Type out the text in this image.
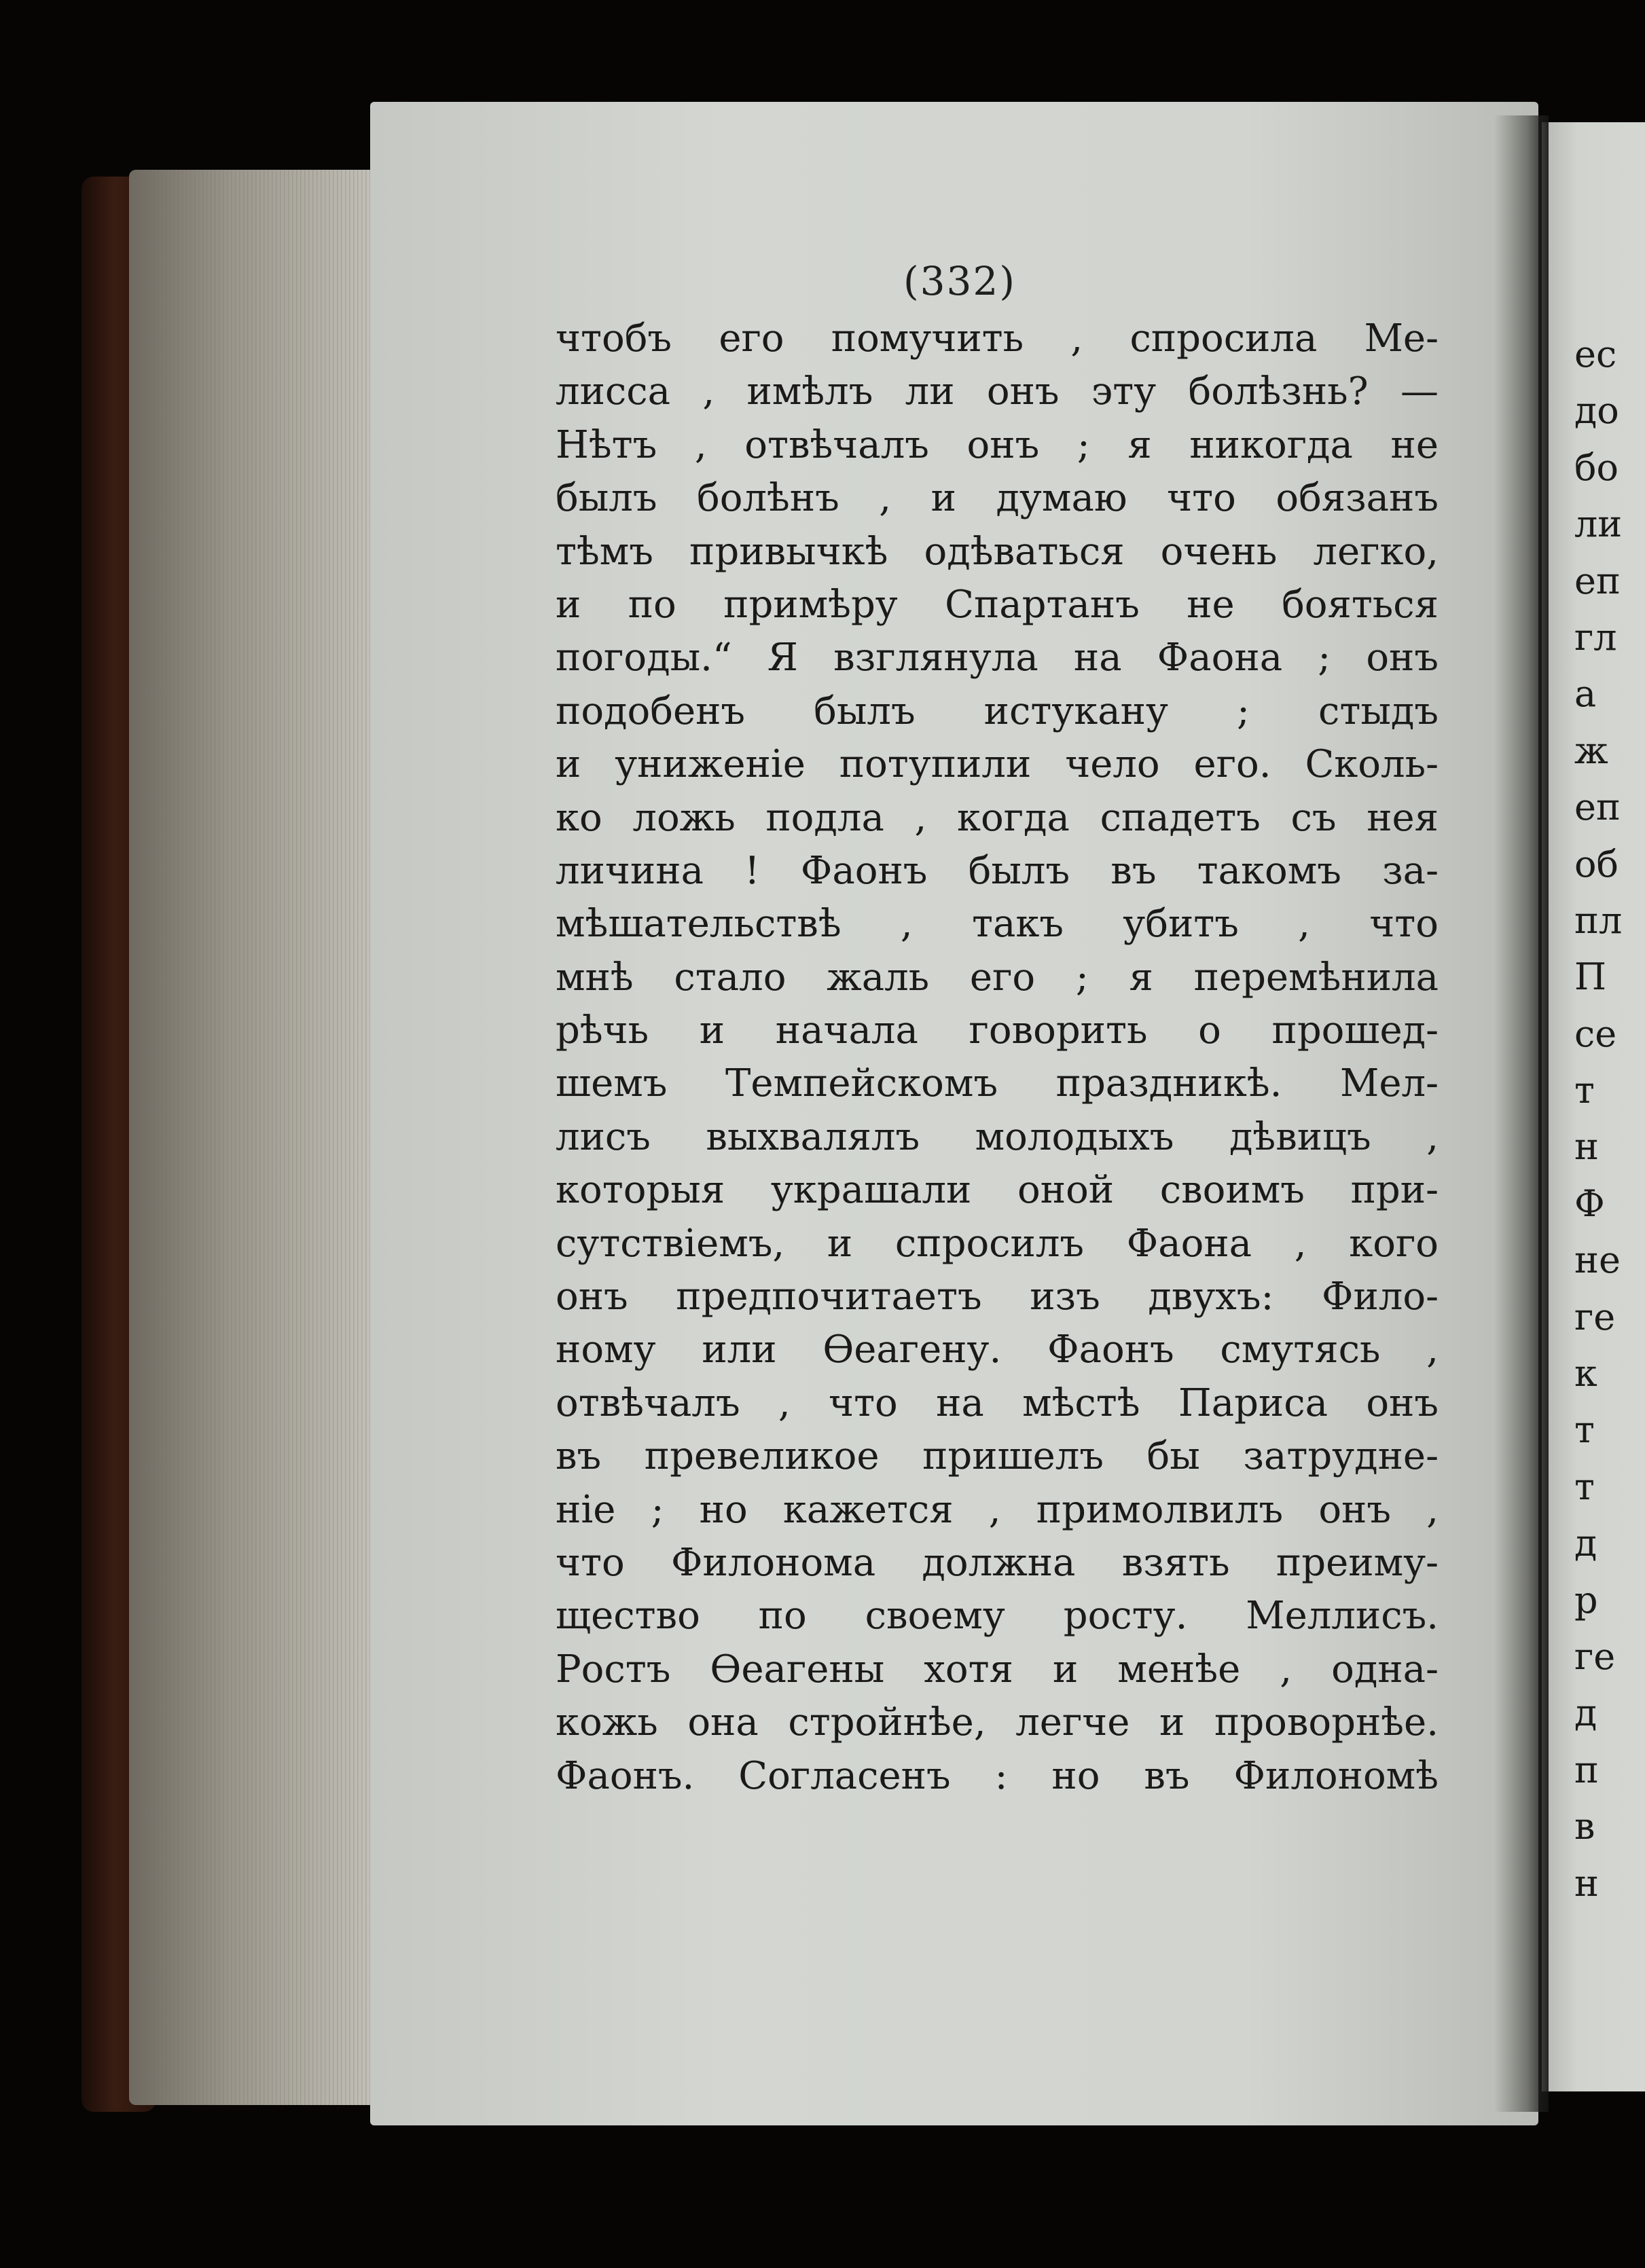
(332)
чтобъ его помучить , спросила Ме-
лисса , имѣлъ ли онъ эту болѣзнь? —
Нѣтъ , отвѣчалъ онъ ; я никогда не
былъ болѣнъ , и думаю что обязанъ
тѣмъ привычкѣ одѣваться очень легко,
и по примѣру Спартанъ не бояться
погоды.“ Я взглянула на Фаона ; онъ
подобенъ былъ истукану ; стыдъ
и униженіе потупили чело его. Сколь-
ко ложь подла , когда спадетъ съ нея
личина ! Фаонъ былъ въ такомъ за-
мѣшательствѣ , такъ убитъ , что
мнѣ стало жаль его ; я перемѣнила
рѣчь и начала говорить о прошед-
шемъ Темпейскомъ праздникѣ. Мел-
лисъ выхвалялъ молодыхъ дѣвицъ ,
которыя украшали оной своимъ при-
сутствіемъ, и спросилъ Фаона , кого
онъ предпочитаетъ изъ двухъ: Фило-
ному или Ѳеагену. Фаонъ смутясь ,
отвѣчалъ , что на мѣстѣ Париса онъ
въ превеликое пришелъ бы затрудне-
ніе ; но кажется , примолвилъ онъ ,
что Филонома должна взять преиму-
щество по своему росту. Меллисъ.
Ростъ Ѳеагены хотя и менѣе , одна-
кожь она стройнѣе, легче и проворнѣе.
Фаонъ. Согласенъ : но въ Филономѣ
ес
до
бо
ли
еп
гл
а
ж
еп
об
пл
П
се
т
н
Ф
не
ге
к
т
т
д
р
ге
д
п
в
н
